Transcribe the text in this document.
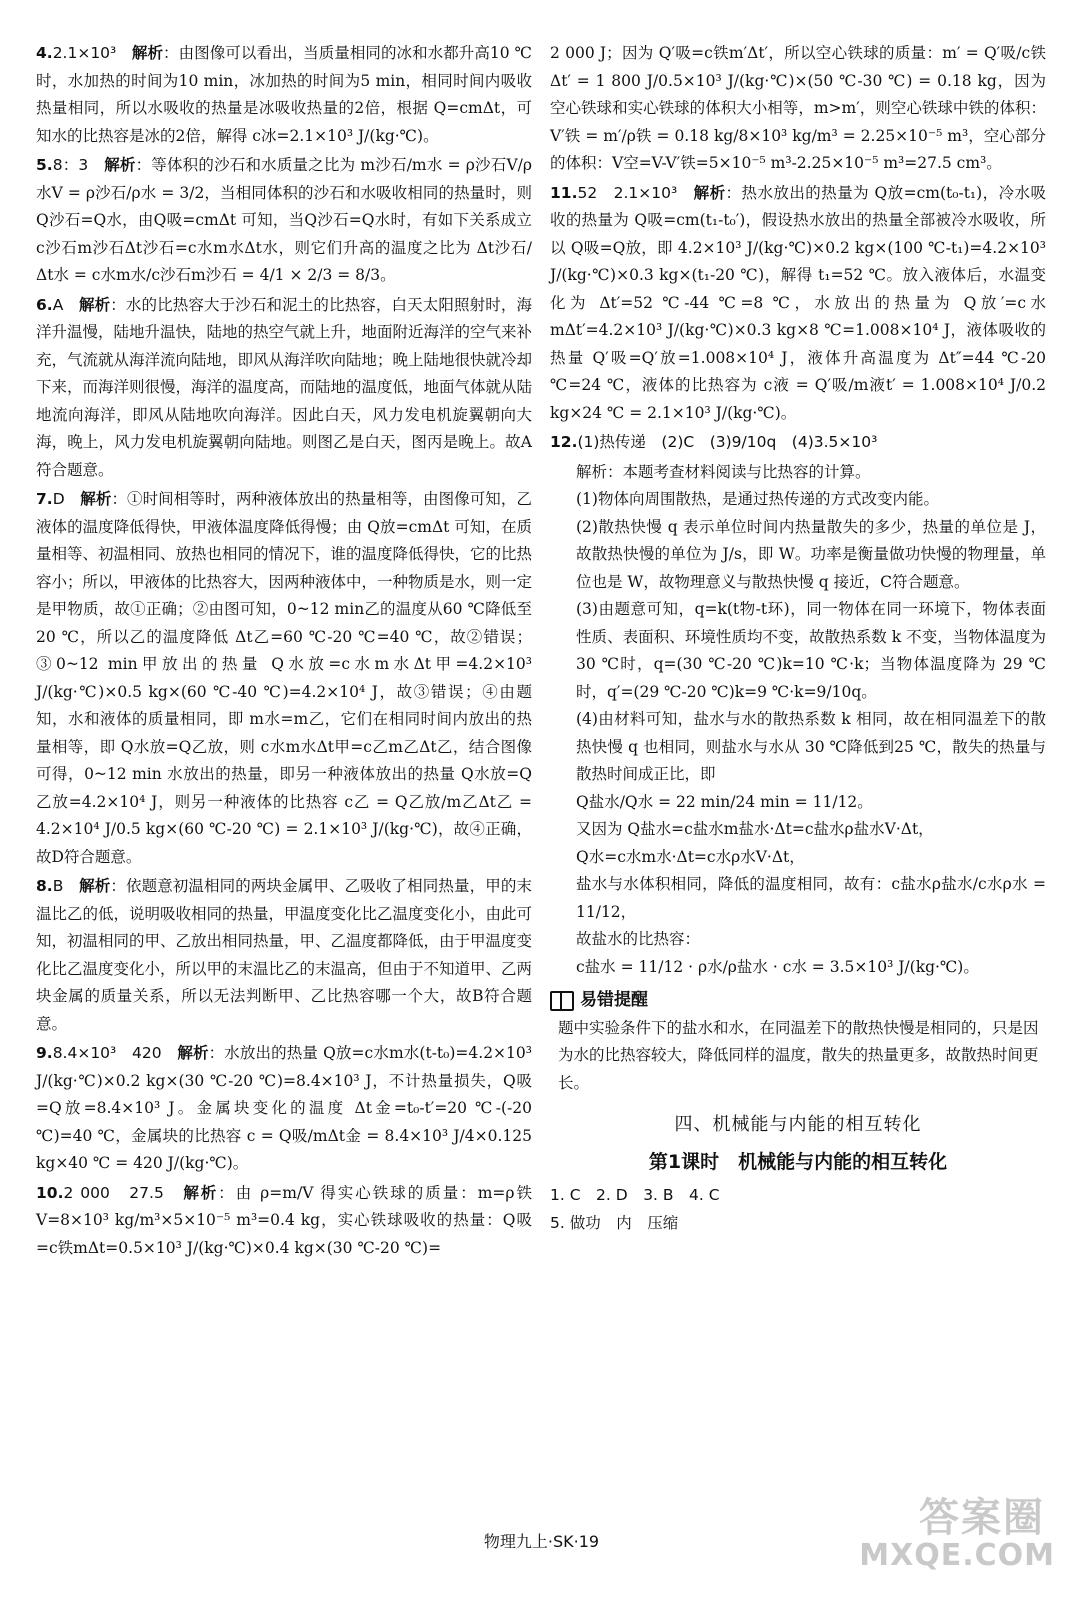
4.2.1×10³　 解析：由图像可以看出，当质量相同的冰和水都升高10 ℃时，水加热的时间为10 min，冰加热的时间为5 min，相同时间内吸收热量相同，所以水吸收的热量是冰吸收热量的2倍，根据 Q=cmΔt，可知水的比热容是冰的2倍，解得 c冰=2.1×10³ J/(kg·℃)。

5.8：3　 解析：等体积的沙石和水质量之比为 m沙石/m水 = ρ沙石V/ρ水V = ρ沙石/ρ水 = 3/2，当相同体积的沙石和水吸收相同的热量时，则 Q沙石=Q水，由Q吸=cmΔt 可知，当Q沙石=Q水时，有如下关系成立c沙石m沙石Δt沙石=c水m水Δt水，则它们升高的温度之比为 Δt沙石/Δt水 = c水m水/c沙石m沙石 = 4/1 × 2/3 = 8/3。

6.A　 解析：水的比热容大于沙石和泥土的比热容，白天太阳照射时，海洋升温慢，陆地升温快，陆地的热空气就上升，地面附近海洋的空气来补充，气流就从海洋流向陆地，即风从海洋吹向陆地；晚上陆地很快就冷却下来，而海洋则很慢，海洋的温度高，而陆地的温度低，地面气体就从陆地流向海洋，即风从陆地吹向海洋。因此白天，风力发电机旋翼朝向大海，晚上，风力发电机旋翼朝向陆地。则图乙是白天，图丙是晚上。故A符合题意。

7.D　 解析：①时间相等时，两种液体放出的热量相等，由图像可知，乙液体的温度降低得快，甲液体温度降低得慢；由 Q放=cmΔt 可知，在质量相等、初温相同、放热也相同的情况下，谁的温度降低得快，它的比热容小；所以，甲液体的比热容大，因两种液体中，一种物质是水，则一定是甲物质，故①正确；②由图可知，0~12 min乙的温度从60 ℃降低至20 ℃，所以乙的温度降低 Δt乙=60 ℃-20 ℃=40 ℃，故②错误；③0~12 min甲放出的热量 Q水放=c水m水Δt甲=4.2×10³ J/(kg·℃)×0.5 kg×(60 ℃-40 ℃)=4.2×10⁴ J，故③错误；④由题知，水和液体的质量相同，即 m水=m乙，它们在相同时间内放出的热量相等，即 Q水放=Q乙放，则 c水m水Δt甲=c乙m乙Δt乙，结合图像可得，0~12 min 水放出的热量，即另一种液体放出的热量 Q水放=Q乙放=4.2×10⁴ J，则另一种液体的比热容 c乙 = Q乙放/m乙Δt乙 = 4.2×10⁴ J/0.5 kg×(60 ℃-20 ℃) = 2.1×10³ J/(kg·℃)，故④正确，故D符合题意。

8.B　 解析：依题意初温相同的两块金属甲、乙吸收了相同热量，甲的末温比乙的低，说明吸收相同的热量，甲温度变化比乙温度变化小，由此可知，初温相同的甲、乙放出相同热量，甲、乙温度都降低，由于甲温度变化比乙温度变化小，所以甲的末温比乙的末温高，但由于不知道甲、乙两块金属的质量关系，所以无法判断甲、乙比热容哪一个大，故B符合题意。

9.8.4×10³　420　 解析：水放出的热量 Q放=c水m水(t-t₀)=4.2×10³ J/(kg·℃)×0.2 kg×(30 ℃-20 ℃)=8.4×10³ J，不计热量损失，Q吸=Q放=8.4×10³ J。金属块变化的温度 Δt金=t₀-t′=20 ℃-(-20 ℃)=40 ℃，金属块的比热容 c = Q吸/mΔt金 = 8.4×10³ J/4×0.125 kg×40 ℃ = 420 J/(kg·℃)。

10.2 000　27.5　 解析：由 ρ=m/V 得实心铁球的质量：m=ρ铁V=8×10³ kg/m³×5×10⁻⁵ m³=0.4 kg，实心铁球吸收的热量：Q吸=c铁mΔt=0.5×10³ J/(kg·℃)×0.4 kg×(30 ℃-20 ℃)=

2 000 J；因为 Q′吸=c铁m′Δt′，所以空心铁球的质量：m′ = Q′吸/c铁Δt′ = 1 800 J/0.5×10³ J/(kg·℃)×(50 ℃-30 ℃) = 0.18 kg，因为空心铁球和实心铁球的体积大小相等，m>m′，则空心铁球中铁的体积：V′铁 = m′/ρ铁 = 0.18 kg/8×10³ kg/m³ = 2.25×10⁻⁵ m³，空心部分的体积：V空=V-V′铁=5×10⁻⁵ m³-2.25×10⁻⁵ m³=27.5 cm³。

11.52　2.1×10³　 解析：热水放出的热量为 Q放=cm(t₀-t₁)，冷水吸收的热量为 Q吸=cm(t₁-t₀′)，假设热水放出的热量全部被冷水吸收，所以 Q吸=Q放，即 4.2×10³ J/(kg·℃)×0.2 kg×(100 ℃-t₁)=4.2×10³ J/(kg·℃)×0.3 kg×(t₁-20 ℃)，解得 t₁=52 ℃。放入液体后，水温变化为 Δt′=52 ℃-44 ℃=8 ℃，水放出的热量为 Q放′=c水mΔt′=4.2×10³ J/(kg·℃)×0.3 kg×8 ℃=1.008×10⁴ J，液体吸收的热量 Q′吸=Q′放=1.008×10⁴ J，液体升高温度为 Δt″=44 ℃-20 ℃=24 ℃，液体的比热容为 c液 = Q′吸/m液t′ = 1.008×10⁴ J/0.2 kg×24 ℃ = 2.1×10³ J/(kg·℃)。

12.(1)热传递　(2)C　(3)9/10q　(4)3.5×10³

解析：本题考查材料阅读与比热容的计算。

(1)物体向周围散热，是通过热传递的方式改变内能。

(2)散热快慢 q 表示单位时间内热量散失的多少，热量的单位是 J，故散热快慢的单位为 J/s，即 W。功率是衡量做功快慢的物理量，单位也是 W，故物理意义与散热快慢 q 接近，C符合题意。

(3)由题意可知，q=k(t物-t环)，同一物体在同一环境下，物体表面性质、表面积、环境性质均不变，故散热系数 k 不变，当物体温度为 30 ℃时，q=(30 ℃-20 ℃)k=10 ℃·k；当物体温度降为 29 ℃时，q′=(29 ℃-20 ℃)k=9 ℃·k=9/10q。

(4)由材料可知，盐水与水的散热系数 k 相同，故在相同温差下的散热快慢 q 也相同，则盐水与水从 30 ℃降低到25 ℃，散失的热量与散热时间成正比，即

Q盐水/Q水 = 22 min/24 min = 11/12。

又因为 Q盐水=c盐水m盐水·Δt=c盐水ρ盐水V·Δt，

Q水=c水m水·Δt=c水ρ水V·Δt，

盐水与水体积相同，降低的温度相同，故有：c盐水ρ盐水/c水ρ水 = 11/12，

故盐水的比热容：

c盐水 = 11/12 · ρ水/ρ盐水 · c水 = 3.5×10³ J/(kg·℃)。

易错提醒

题中实验条件下的盐水和水，在同温差下的散热快慢是相同的，只是因为水的比热容较大，降低同样的温度，散失的热量更多，故散热时间更长。

四、机械能与内能的相互转化
第1课时　机械能与内能的相互转化
1. C　2. D　3. B　4. C
5. 做功　内　压缩
物理九上·SK·19
答案圈
MXQE.COM
